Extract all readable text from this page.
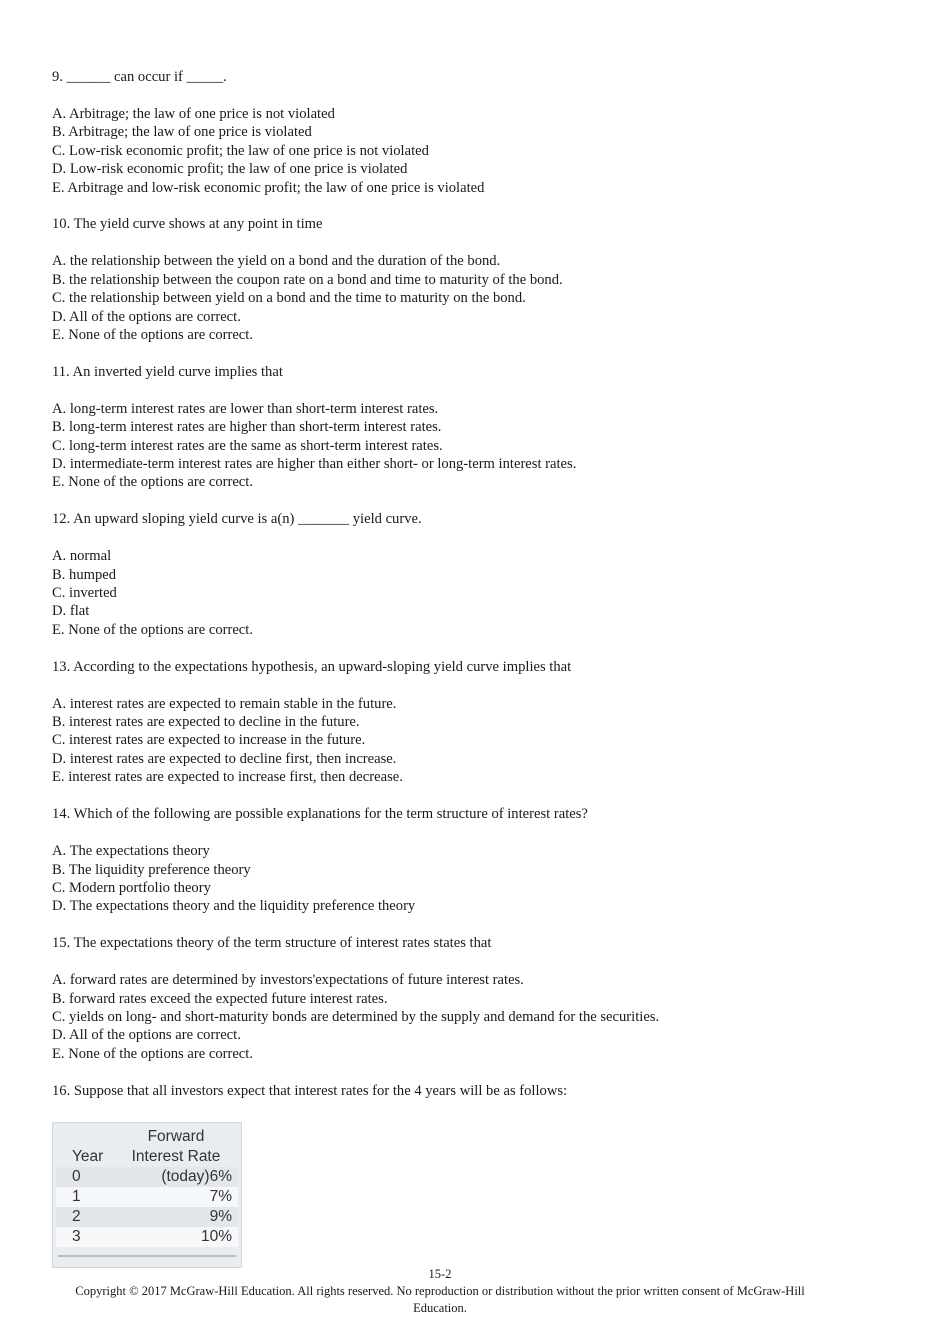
9. ______ can occur if _____.
A. Arbitrage; the law of one price is not violated
B. Arbitrage; the law of one price is violated
C. Low-risk economic profit; the law of one price is not violated
D. Low-risk economic profit; the law of one price is violated
E. Arbitrage and low-risk economic profit; the law of one price is violated
10. The yield curve shows at any point in time
A. the relationship between the yield on a bond and the duration of the bond.
B. the relationship between the coupon rate on a bond and time to maturity of the bond.
C. the relationship between yield on a bond and the time to maturity on the bond.
D. All of the options are correct.
E. None of the options are correct.
11. An inverted yield curve implies that
A. long-term interest rates are lower than short-term interest rates.
B. long-term interest rates are higher than short-term interest rates.
C. long-term interest rates are the same as short-term interest rates.
D. intermediate-term interest rates are higher than either short- or long-term interest rates.
E. None of the options are correct.
12. An upward sloping yield curve is a(n) _______ yield curve.
A. normal
B. humped
C. inverted
D. flat
E. None of the options are correct.
13. According to the expectations hypothesis, an upward-sloping yield curve implies that
A. interest rates are expected to remain stable in the future.
B. interest rates are expected to decline in the future.
C. interest rates are expected to increase in the future.
D. interest rates are expected to decline first, then increase.
E. interest rates are expected to increase first, then decrease.
14. Which of the following are possible explanations for the term structure of interest rates?
A. The expectations theory
B. The liquidity preference theory
C. Modern portfolio theory
D. The expectations theory and the liquidity preference theory
15. The expectations theory of the term structure of interest rates states that
A. forward rates are determined by investors'expectations of future interest rates.
B. forward rates exceed the expected future interest rates.
C. yields on long- and short-maturity bonds are determined by the supply and demand for the securities.
D. All of the options are correct.
E. None of the options are correct.
16. Suppose that all investors expect that interest rates for the 4 years will be as follows:
Year	Forward
	Interest Rate
0	(today)6%
1	7%
2	9%
3	10%
15-2
Copyright © 2017 McGraw-Hill Education. All rights reserved. No reproduction or distribution without the prior written consent of McGraw-Hill Education.
